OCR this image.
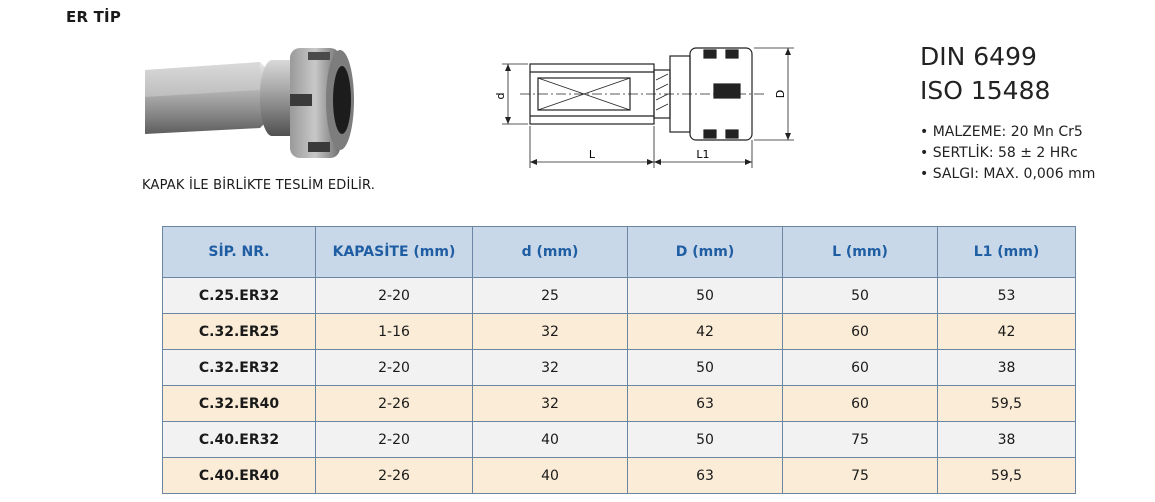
ER TİP
KAPAK İLE BİRLİKTE TESLİM EDİLİR.
d	D
L	L1
DIN 6499
ISO 15488
• MALZEME: 20 Mn Cr5
• SERTLİK: 58 ± 2 HRc
• SALGI: MAX. 0,006 mm
SİP. NR.	KAPASİTE (mm)	d (mm)	D (mm)	L (mm)	L1 (mm)
C.25.ER32	2-20	25	50	50	53
C.32.ER25	1-16	32	42	60	42
C.32.ER32	2-20	32	50	60	38
C.32.ER40	2-26	32	63	60	59,5
C.40.ER32	2-20	40	50	75	38
C.40.ER40	2-26	40	63	75	59,5
